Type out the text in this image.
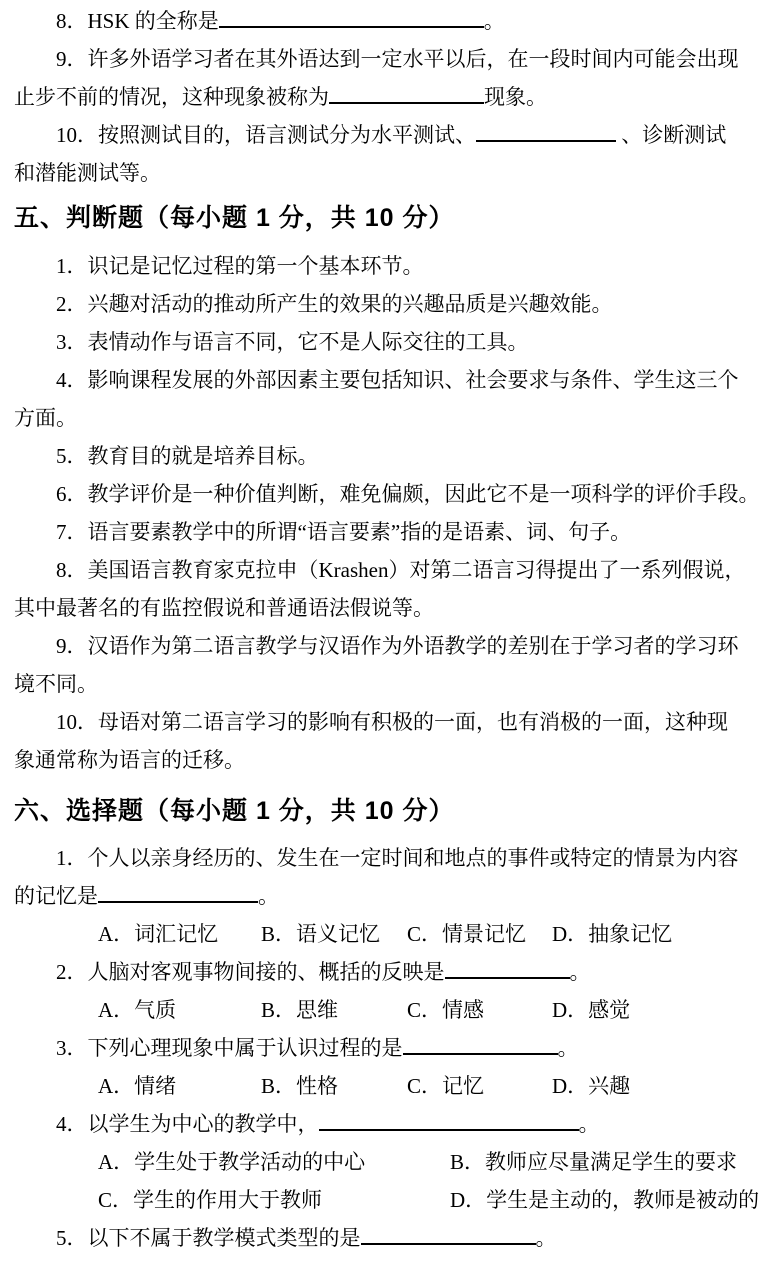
8．HSK 的全称是	。
9．许多外语学习者在其外语达到一定水平以后，在一段时间内可能会出现
止步不前的情况，这种现象被称为	现象。
10．按照测试目的，语言测试分为水平测试、	、诊断测试
和潜能测试等。
五、判断题（每小题 1 分，共 10 分）
1．识记是记忆过程的第一个基本环节。
2．兴趣对活动的推动所产生的效果的兴趣品质是兴趣效能。
3．表情动作与语言不同，它不是人际交往的工具。
4．影响课程发展的外部因素主要包括知识、社会要求与条件、学生这三个
方面。
5．教育目的就是培养目标。
6．教学评价是一种价值判断，难免偏颇，因此它不是一项科学的评价手段。
7．语言要素教学中的所谓“语言要素”指的是语素、词、句子。
8．美国语言教育家克拉申（Krashen）对第二语言习得提出了一系列假说，
其中最著名的有监控假说和普通语法假说等。
9．汉语作为第二语言教学与汉语作为外语教学的差别在于学习者的学习环
境不同。
10．母语对第二语言学习的影响有积极的一面，也有消极的一面，这种现
象通常称为语言的迁移。
六、选择题（每小题 1 分，共 10 分）
1．个人以亲身经历的、发生在一定时间和地点的事件或特定的情景为内容
的记忆是	。
A．词汇记忆 B．语义记忆 C．情景记忆 D．抽象记忆
2．人脑对客观事物间接的、概括的反映是	。
A．气质	B．思维	C．情感	D．感觉
3．下列心理现象中属于认识过程的是	。
A．情绪	B．性格	C．记忆	D．兴趣
4．以学生为中心的教学中，	。
A．学生处于教学活动的中心	B．教师应尽量满足学生的要求
C．学生的作用大于教师	D．学生是主动的，教师是被动的
5．以下不属于教学模式类型的是	。
